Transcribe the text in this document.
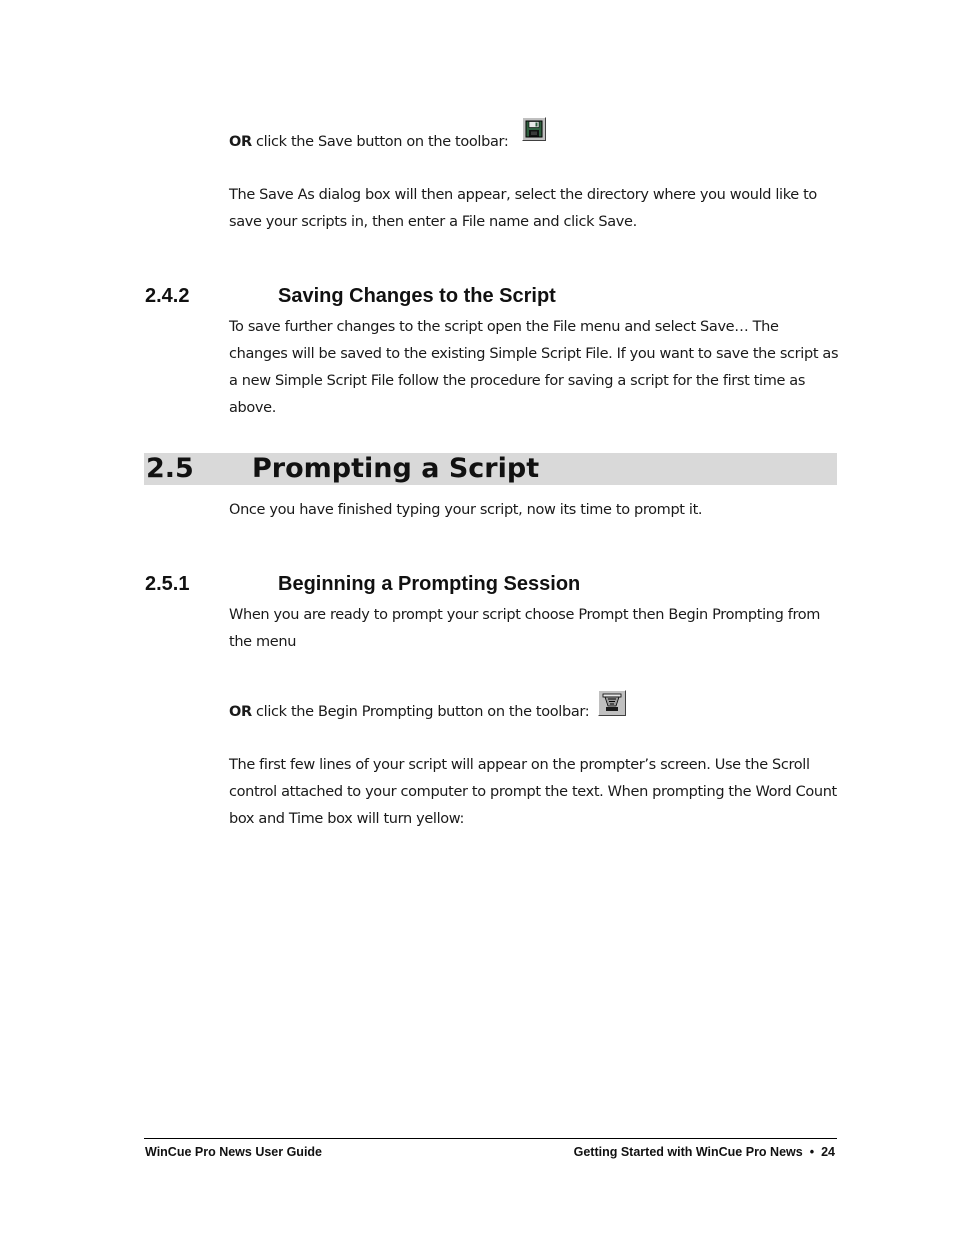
OR click the Save button on the toolbar:

The Save As dialog box will then appear, select the directory where you would like to save your scripts in, then enter a File name and click Save.

2.4.2	Saving Changes to the Script

To save further changes to the script open the File menu and select Save… The changes will be saved to the existing Simple Script File. If you want to save the script as a new Simple Script File follow the procedure for saving a script for the first time as above.

2.5 Prompting a Script

Once you have finished typing your script, now its time to prompt it.

2.5.1	Beginning a Prompting Session

When you are ready to prompt your script choose Prompt then Begin Prompting from the menu

OR click the Begin Prompting button on the toolbar:

The first few lines of your script will appear on the prompter’s screen. Use the Scroll control attached to your computer to prompt the text. When prompting the Word Count box and Time box will turn yellow:

WinCue Pro News User Guide	Getting Started with WinCue Pro News • 24
